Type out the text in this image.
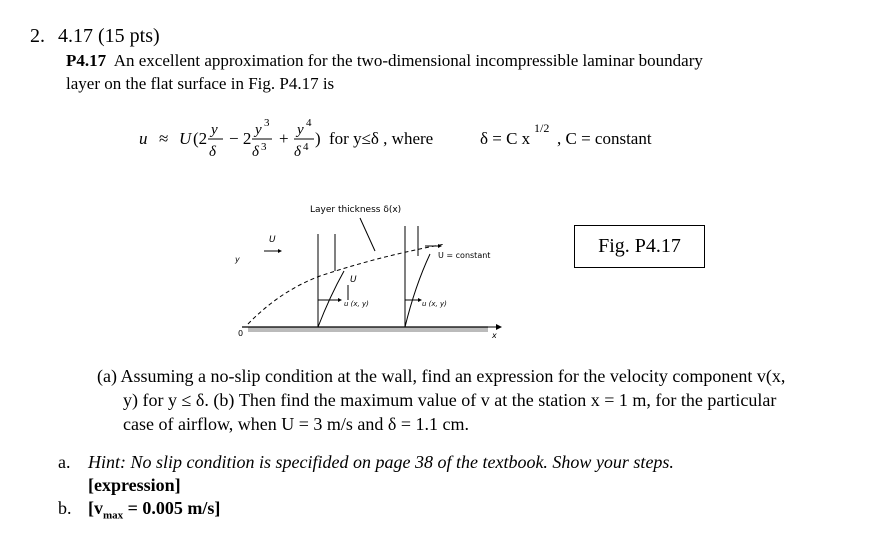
2. 4.17 (15 pts)
P4.17 An excellent approximation for the two-dimensional incompressible laminar boundary
layer on the flat surface in Fig. P4.17 is
u ≈ U (2 y
δ
− 2 y 3
δ 3 + y 4
δ 4 ) for y≤δ , where	δ = C x
1/2
, C = constant
x
0
y
U
Layer thickness δ(x)
U
u (x, y)	u (x, y)
U = constant	Fig. P4.17
(a) Assuming a no-slip condition at the wall, find an expression for the velocity component v(x,
y) for y ≤ δ. (b) Then find the maximum value of v at the station x = 1 m, for the particular
case of airflow, when U = 3 m/s and δ = 1.1 cm.
a. Hint: No slip condition is specifided on page 38 of the textbook. Show your steps.
[expression]
b. [$v_{max} = 0.005$ m/s]
